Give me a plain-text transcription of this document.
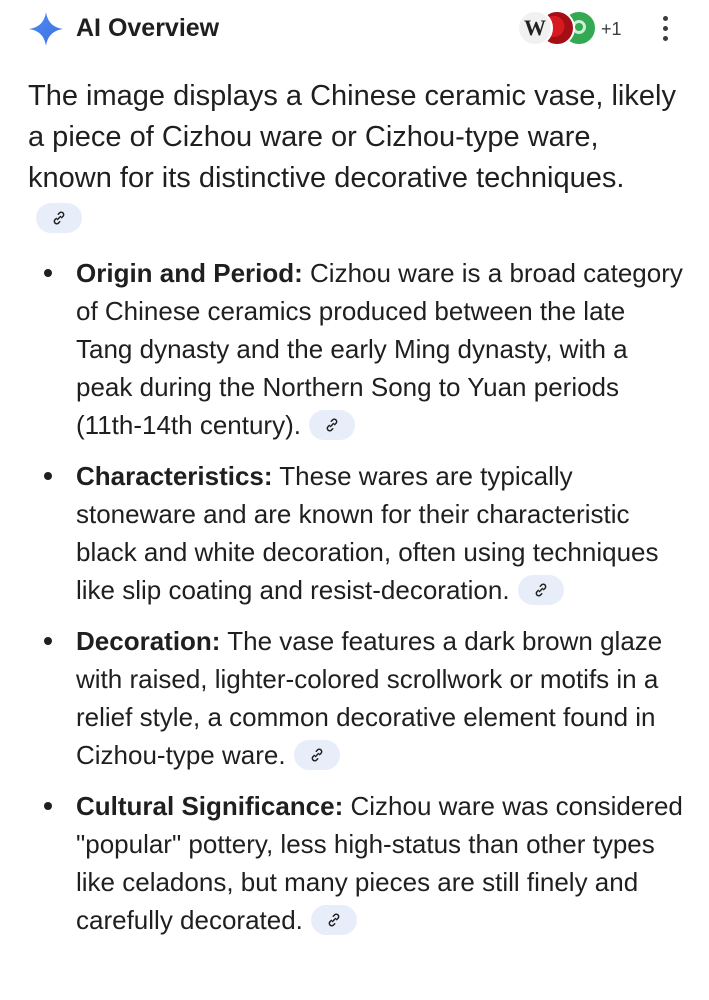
AI Overview	W	+1

The image displays a Chinese ceramic vase, likely a piece of Cizhou ware or Cizhou-type ware, known for its distinctive decorative techniques.

Origin and Period: Cizhou ware is a broad category of Chinese ceramics produced between the late Tang dynasty and the early Ming dynasty, with a peak during the Northern Song to Yuan periods (11th-14th century).
Characteristics: These wares are typically stoneware and are known for their characteristic black and white decoration, often using techniques like slip coating and resist-decoration.
Decoration: The vase features a dark brown glaze with raised, lighter-colored scrollwork or motifs in a relief style, a common decorative element found in Cizhou-type ware.
Cultural Significance: Cizhou ware was considered "popular" pottery, less high-status than other types like celadons, but many pieces are still finely and carefully decorated.
